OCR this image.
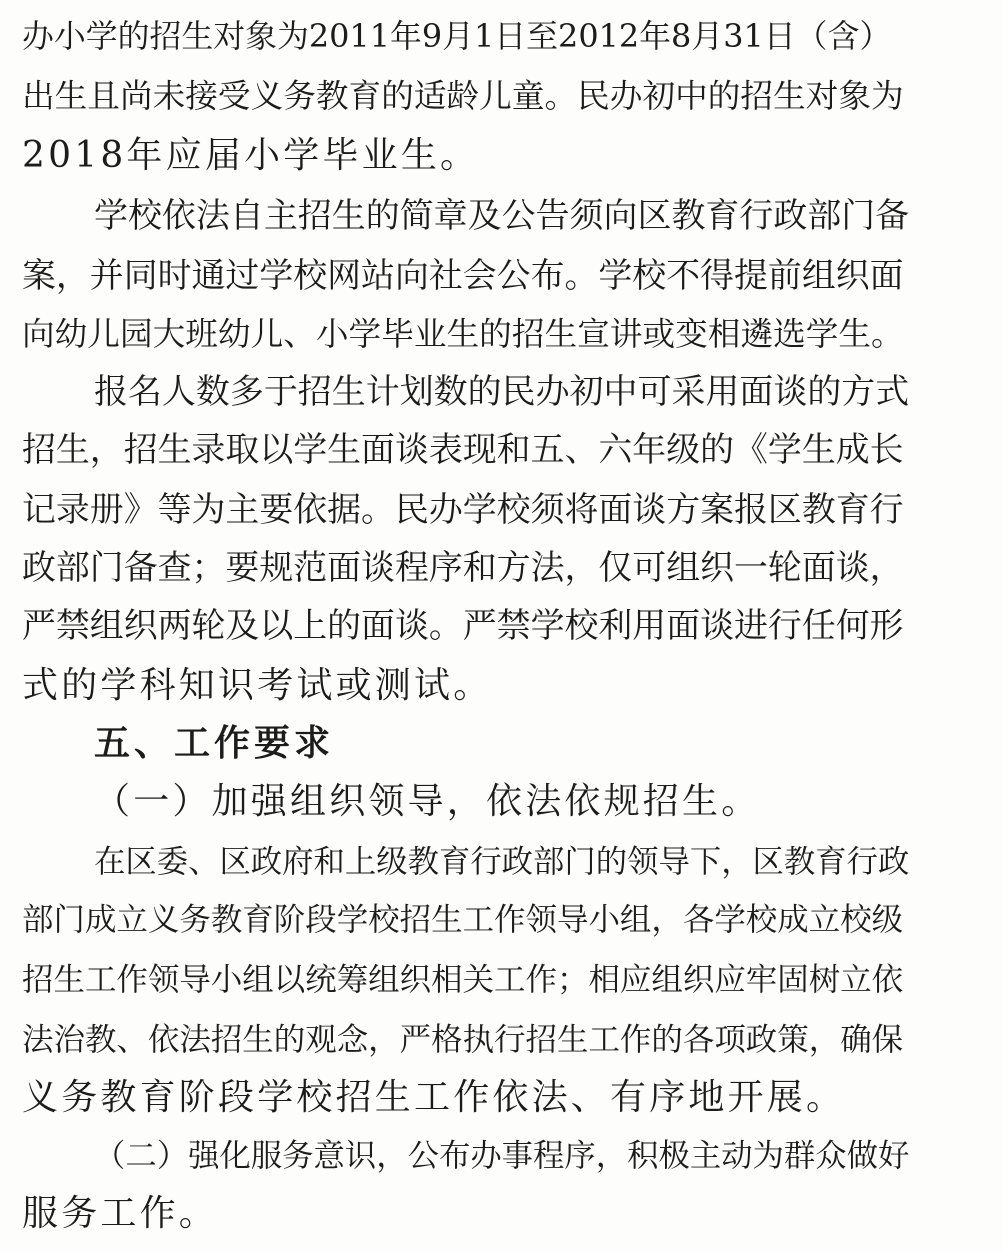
办小学的招生对象为2011年9月1日至2012年8月31日（含）
出生且尚未接受义务教育的适龄儿童。民办初中的招生对象为
2018年应届小学毕业生。
学校依法自主招生的简章及公告须向区教育行政部门备
案，并同时通过学校网站向社会公布。学校不得提前组织面
向幼儿园大班幼儿、小学毕业生的招生宣讲或变相遴选学生。
报名人数多于招生计划数的民办初中可采用面谈的方式
招生，招生录取以学生面谈表现和五、六年级的《学生成长
记录册》等为主要依据。民办学校须将面谈方案报区教育行
政部门备查；要规范面谈程序和方法，仅可组织一轮面谈，
严禁组织两轮及以上的面谈。严禁学校利用面谈进行任何形
式的学科知识考试或测试。
五、工作要求
（一）加强组织领导，依法依规招生。
在区委、区政府和上级教育行政部门的领导下，区教育行政
部门成立义务教育阶段学校招生工作领导小组，各学校成立校级
招生工作领导小组以统筹组织相关工作；相应组织应牢固树立依
法治教、依法招生的观念，严格执行招生工作的各项政策，确保
义务教育阶段学校招生工作依法、有序地开展。
（二）强化服务意识，公布办事程序，积极主动为群众做好
服务工作。
